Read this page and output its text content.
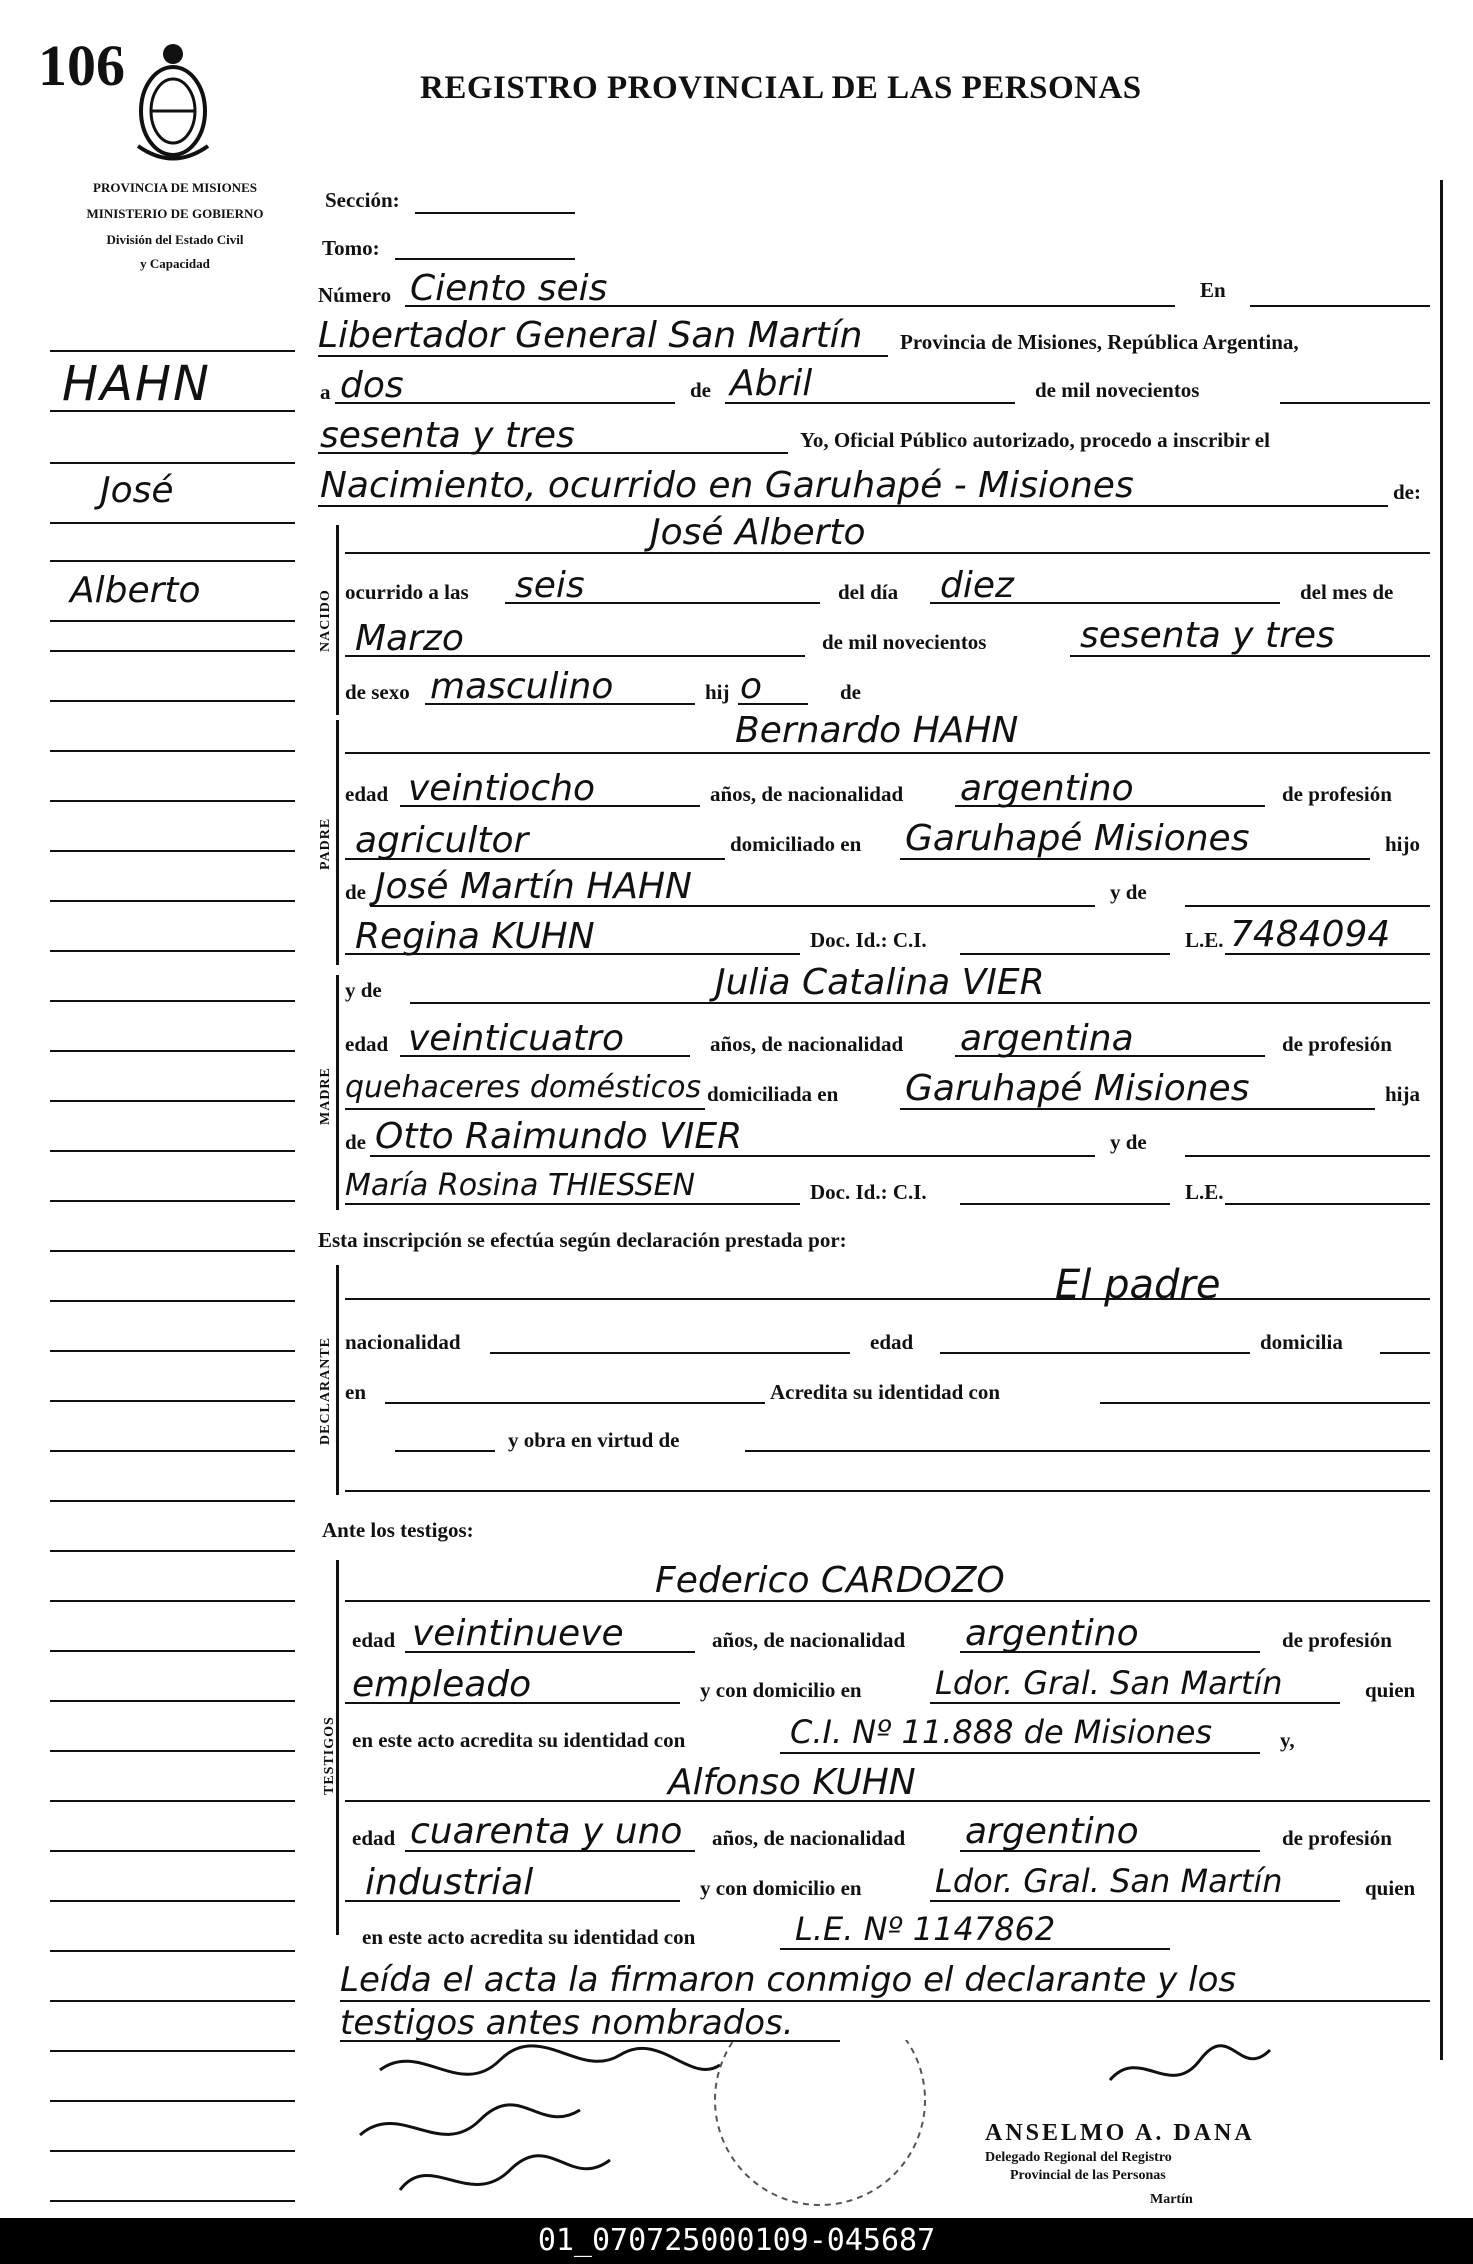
106	REGISTRO PROVINCIAL DE LAS PERSONAS
PROVINCIA DE MISIONES
MINISTERIO DE GOBIERNO
División del Estado Civil
y Capacidad
HAHN
José
Alberto
Sección:
Tomo:
Número Ciento seis	En
Libertador General San Martín Provincia de Misiones, República Argentina,
a dos	de Abril	de mil novecientos
sesenta y tres	Yo, Oficial Público autorizado, procedo a inscribir el
Nacimiento, ocurrido en Garuhapé - Misiones	de:
NACIDO
José Alberto
ocurrido a las seis	del día diez	del mes de
Marzo	de mil novecientos	sesenta y tres
de sexo masculino	hij o	de
PADRE
Bernardo HAHN
edad veintiocho	años, de nacionalidad argentino	de profesión
agricultor	domiciliado en Garuhapé Misiones	hijo
de José Martín HAHN	y de
Regina KUHN	Doc. Id.: C.I.	L.E. 7484094
MADRE
y de	Julia Catalina VIER
edad veinticuatro	años, de nacionalidad argentina	de profesión
quehaceres domésticos domiciliada en Garuhapé Misiones	hija
de Otto Raimundo VIER	y de
María Rosina THIESSEN	Doc. Id.: C.I.	L.E.
Esta inscripción se efectúa según declaración prestada por:
DECLARANTE
El padre
nacionalidad	edad	domicilia
en	Acredita su identidad con
y obra en virtud de
Ante los testigos:
TESTIGOS
Federico CARDOZO
edad veintinueve	años, de nacionalidad argentino	de profesión
empleado	y con domicilio en Ldor. Gral. San Martín	quien
en este acto acredita su identidad con	C.I. Nº 11.888 de Misiones	y,
Alfonso KUHN
edad cuarenta y uno años, de nacionalidad argentino	de profesión
industrial	y con domicilio en Ldor. Gral. San Martín	quien
en este acto acredita su identidad con	L.E. Nº 1147862
Leída el acta la firmaron conmigo el declarante y los
testigos antes nombrados.
ANSELMO A. DANA
Delegado Regional del Registro
Provincial de las Personas
Martín
01_070725000109-045687
